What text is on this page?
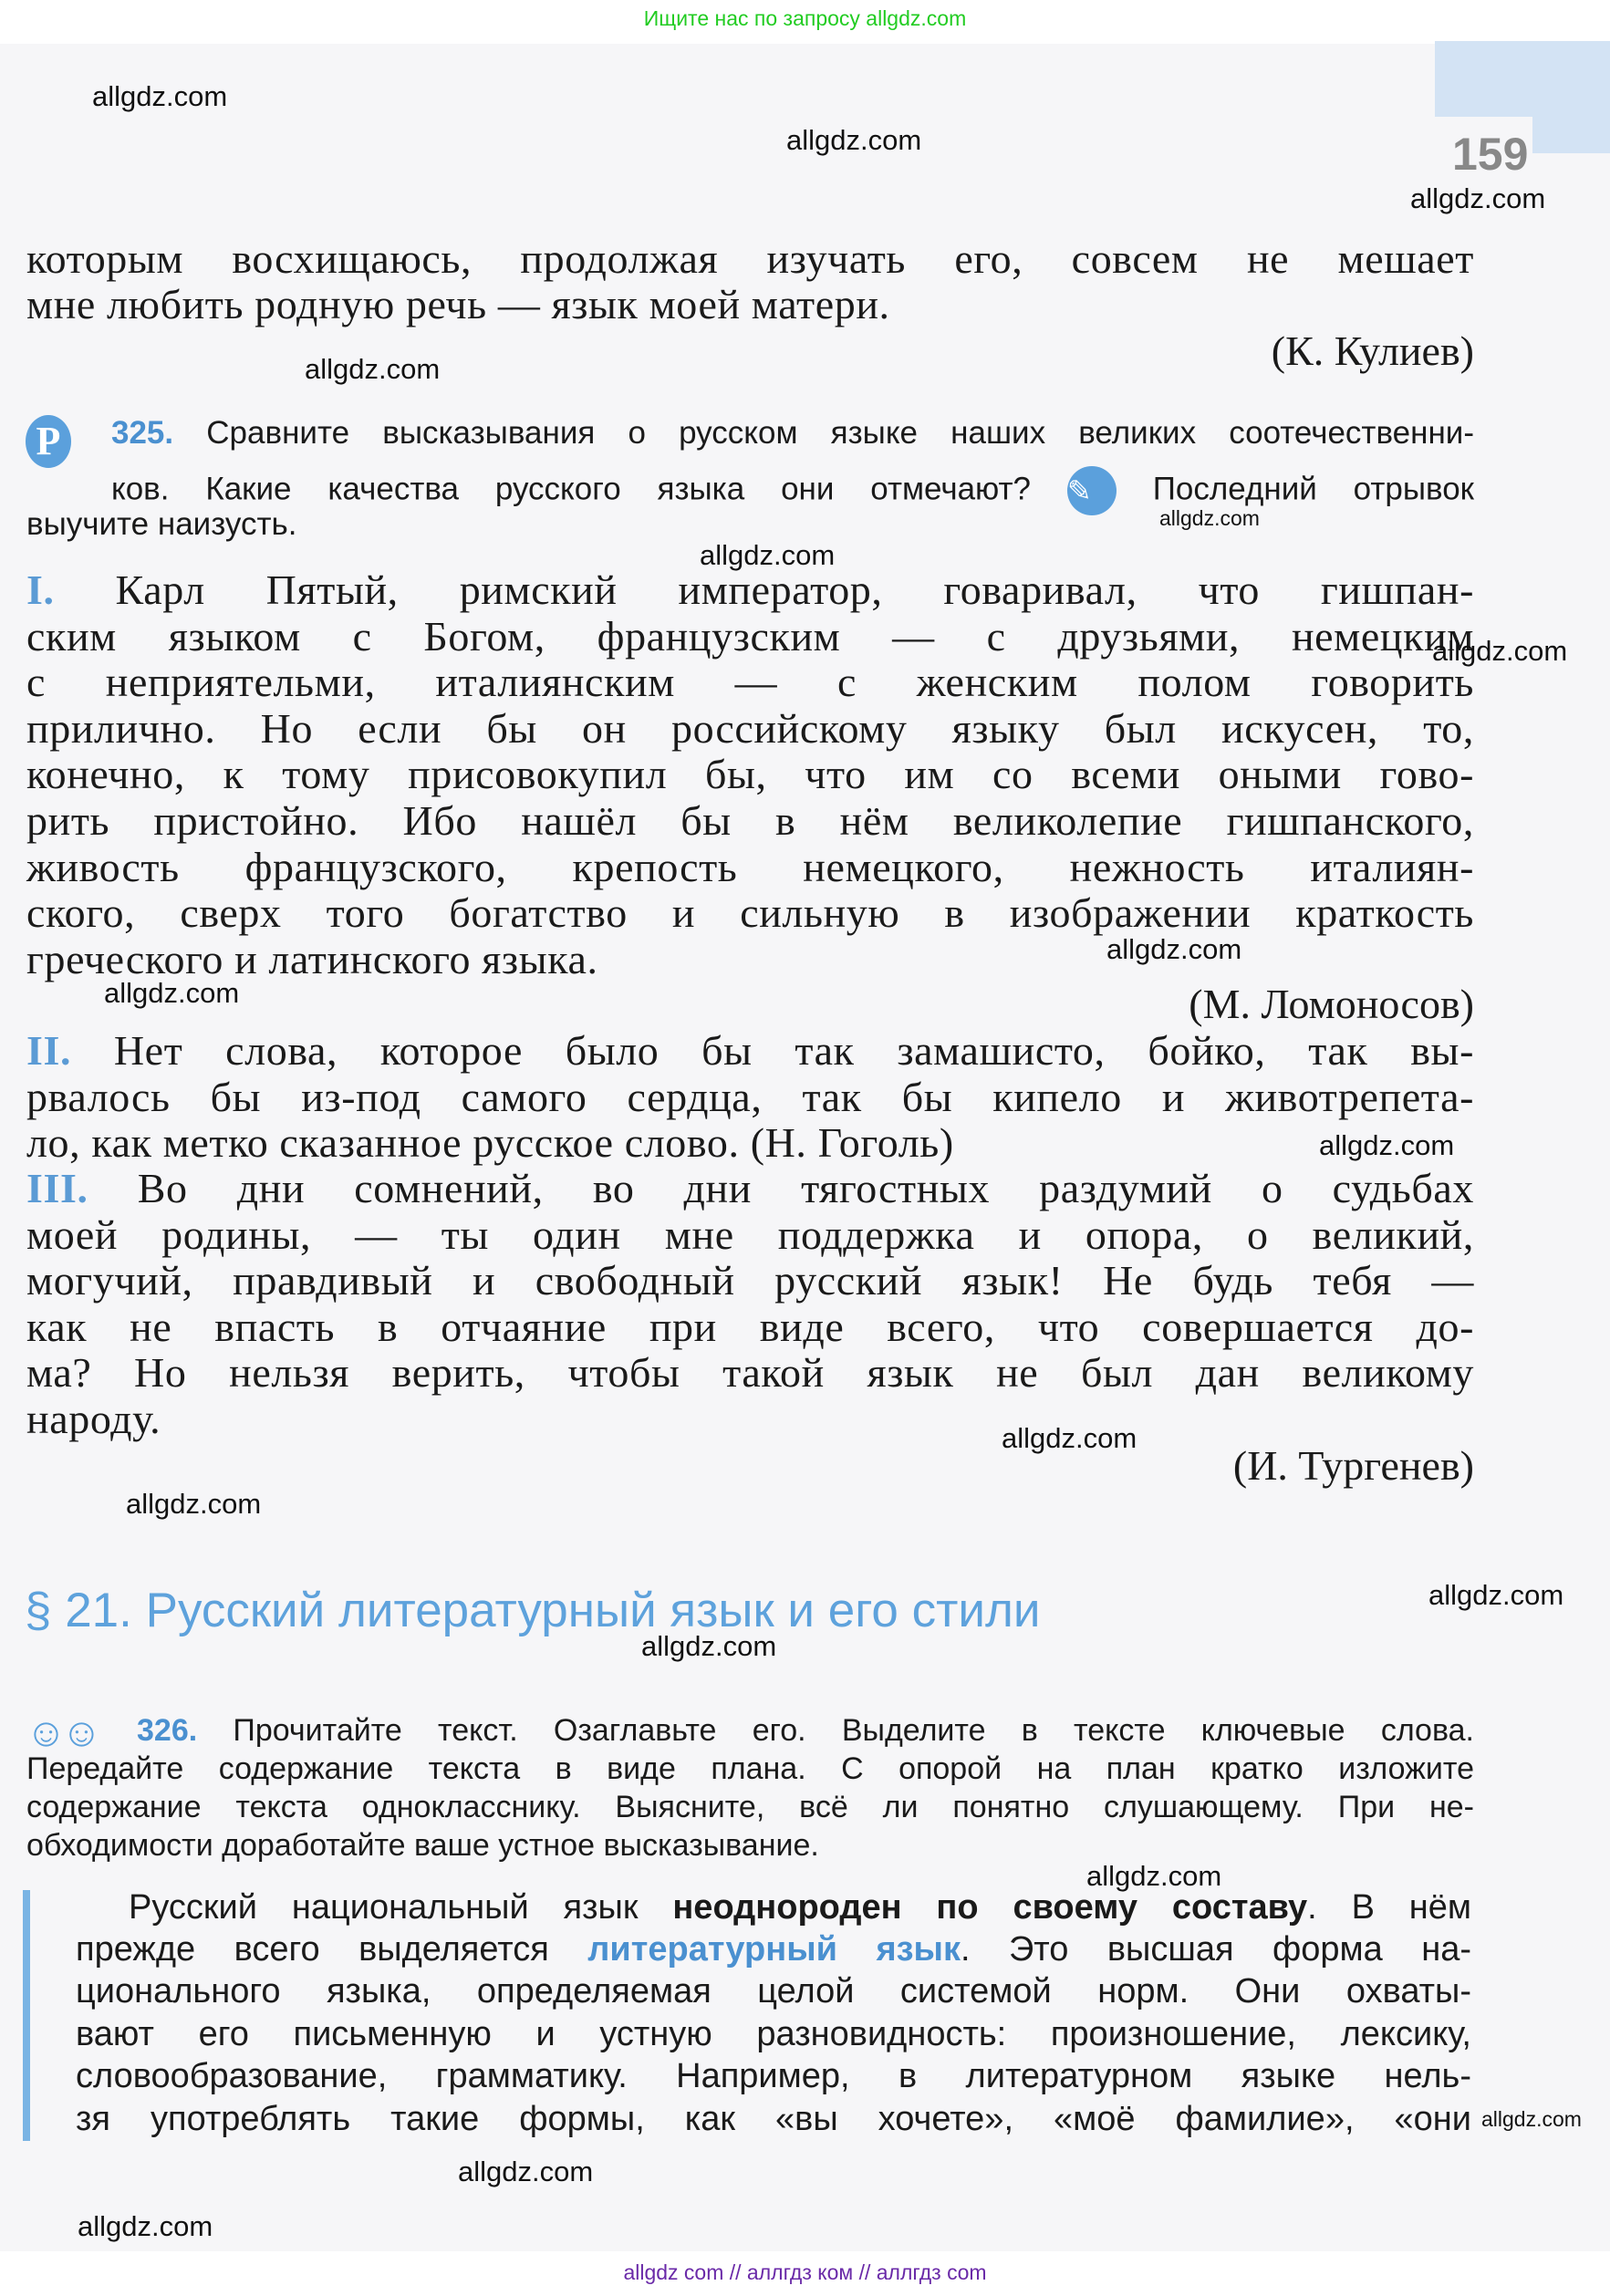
Ищите нас по запросу allgdz.com
159
(К. Кулиев)
Р	325. Сравните высказывания о русском языке наших великих соотечественни-
ков. Какие качества русского языка они отмечают? ✎ Последний отрывок
выучите наизусть.
§ 21. Русский литературный язык и его стили
☺☺ 326. Прочитайте текст. Озаглавьте его. Выделите в тексте ключевые слова.
Русский национальный язык неоднороден по своему составу. В нём
прежде всего выделяется литературный язык. Это высшая форма на-
которым восхищаюсь, продолжая изучать его, совсем не мешает
мне любить родную речь — язык моей матери.
I. Карл Пятый, римский император, говаривал, что гишпан-
ским языком с Богом, французским — с друзьями, немецким
с неприятельми, италиянским — с женским полом говорить
прилично. Но если бы он российскому языку был искусен, то,
конечно, к тому присовокупил бы, что им со всеми оными гово-
рить пристойно. Ибо нашёл бы в нём великолепие гишпанского,
живость французского, крепость немецкого, нежность италиян-
ского, сверх того богатство и сильную в изображении краткость
греческого и латинского языка.
(М. Ломоносов)
II. Нет слова, которое было бы так замашисто, бойко, так вы-
рвалось бы из-под самого сердца, так бы кипело и животрепета-
ло, как метко сказанное русское слово. (Н. Гоголь)
III. Во дни сомнений, во дни тягостных раздумий о судьбах
моей родины, — ты один мне поддержка и опора, о великий,
могучий, правдивый и свободный русский язык! Не будь тебя —
как не впасть в отчаяние при виде всего, что совершается до-
ма? Но нельзя верить, чтобы такой язык не был дан великому
народу.
(И. Тургенев)
Передайте содержание текста в виде плана. С опорой на план кратко изложите
содержание текста однокласснику. Выясните, всё ли понятно слушающему. При не-
обходимости доработайте ваше устное высказывание.
ционального языка, определяемая целой системой норм. Они охваты-
вают его письменную и устную разновидность: произношение, лексику,
словообразование, грамматику. Например, в литературном языке нель-
зя употреблять такие формы, как «вы хочете», «моё фамилие», «они
allgdz com // аллгдз ком // аллгдз com
allgdz.com
allgdz.com
allgdz.com
allgdz.com
allgdz.com
allgdz.com
allgdz.com
allgdz.com
allgdz.com
allgdz.com
allgdz.com
allgdz.com
allgdz.com
allgdz.com
allgdz.com
allgdz.com
allgdz.com
allgdz.com
